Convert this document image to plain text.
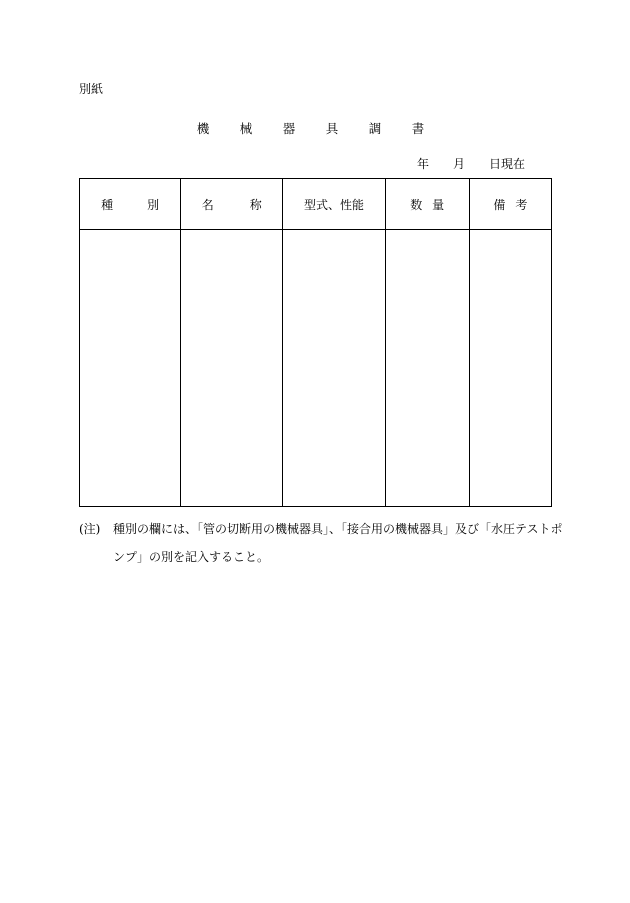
別紙
機　械　器　具　調　書
年 月 日現在
種別	名称	型式、性能	数量	備考

(注) 種別の欄には、「管の切断用の機械器具」、「接合用の機械器具」及び「水圧テストポ
ンプ」の別を記入すること。
